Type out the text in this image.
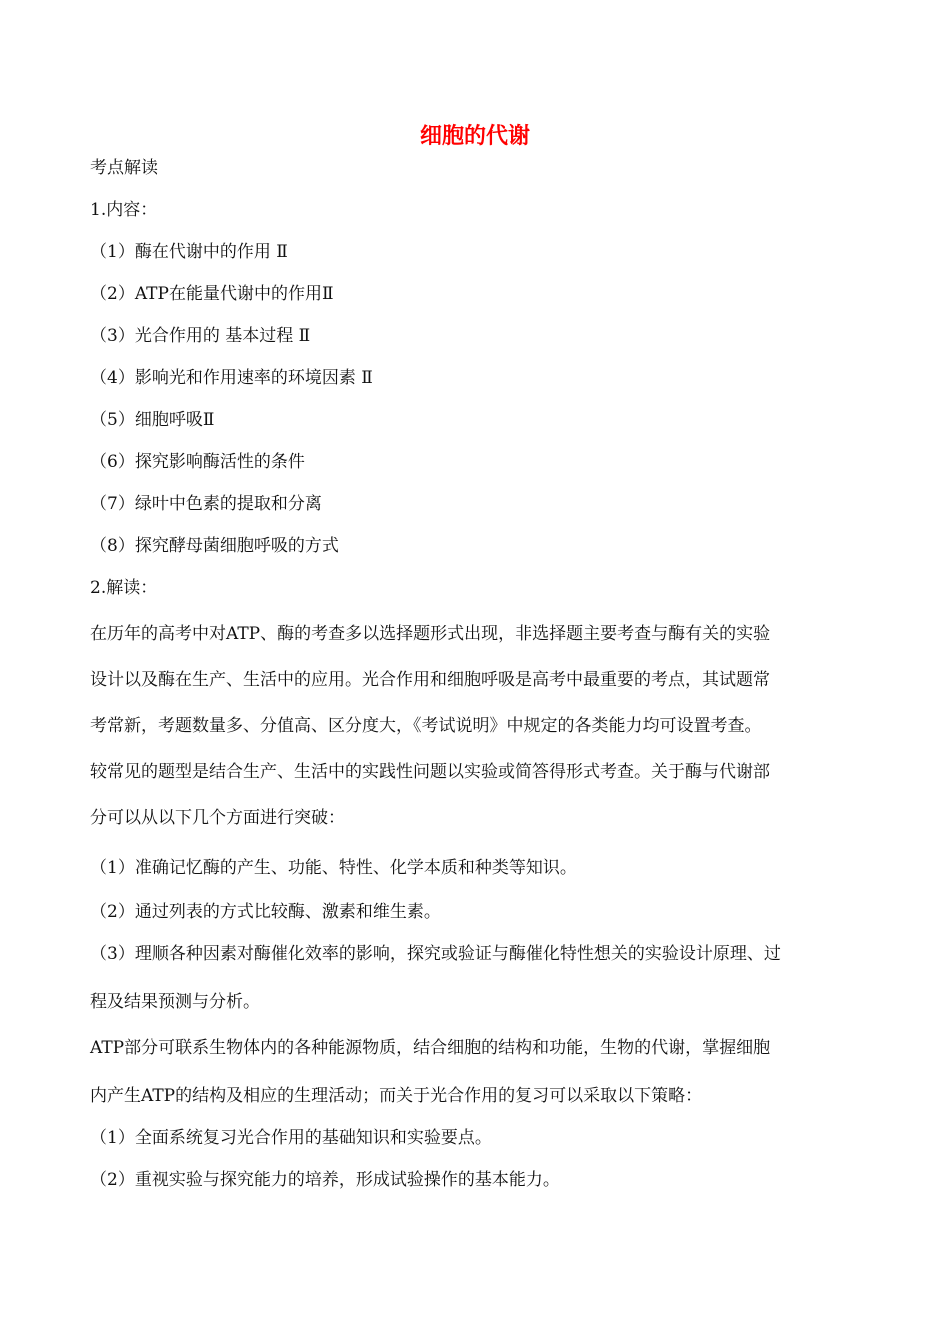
细胞的代谢
考点解读
1.内容：
（1）酶在代谢中的作用 Ⅱ
（2）ATP在能量代谢中的作用Ⅱ
（3）光合作用的 基本过程 Ⅱ
（4）影响光和作用速率的环境因素 Ⅱ
（5）细胞呼吸Ⅱ
（6）探究影响酶活性的条件
（7）绿叶中色素的提取和分离
（8）探究酵母菌细胞呼吸的方式
2.解读：
在历年的高考中对ATP、酶的考查多以选择题形式出现，非选择题主要考查与酶有关的实验
设计以及酶在生产、生活中的应用。光合作用和细胞呼吸是高考中最重要的考点，其试题常
考常新，考题数量多、分值高、区分度大，《考试说明》中规定的各类能力均可设置考查。
较常见的题型是结合生产、生活中的实践性问题以实验或简答得形式考查。关于酶与代谢部
分可以从以下几个方面进行突破：
（1）准确记忆酶的产生、功能、特性、化学本质和种类等知识。
（2）通过列表的方式比较酶、激素和维生素。
（3）理顺各种因素对酶催化效率的影响，探究或验证与酶催化特性想关的实验设计原理、过
程及结果预测与分析。
ATP部分可联系生物体内的各种能源物质，结合细胞的结构和功能，生物的代谢，掌握细胞
内产生ATP的结构及相应的生理活动；而关于光合作用的复习可以采取以下策略：
（1）全面系统复习光合作用的基础知识和实验要点。
（2）重视实验与探究能力的培养，形成试验操作的基本能力。
